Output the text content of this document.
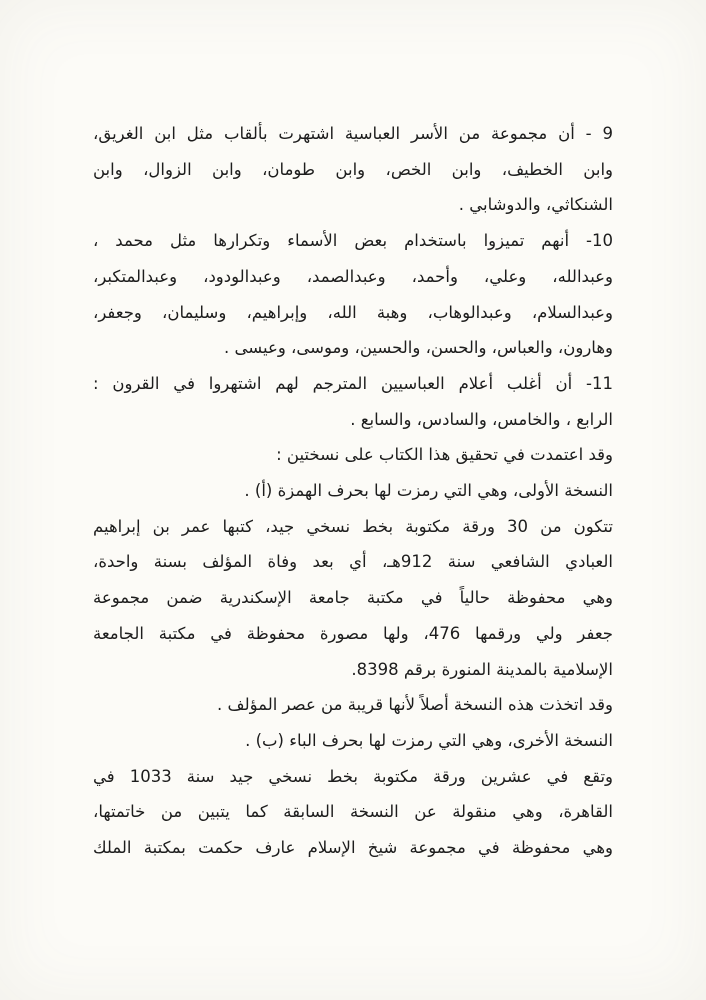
9 - أن مجموعة من الأسر العباسية اشتهرت بألقاب مثل ابن الغريق،
وابن الخطيف، وابن الخص، وابن طومان، وابن الزوال، وابن
الشنكاثي، والدوشابي .
10- أنهم تميزوا باستخدام بعض الأسماء وتكرارها مثل محمد ،
وعبدالله، وعلي، وأحمد، وعبدالصمد، وعبدالودود، وعبدالمتكبر،
وعبدالسلام، وعبدالوهاب، وهبة الله، وإبراهيم، وسليمان، وجعفر،
وهارون، والعباس، والحسن، والحسين، وموسى، وعيسى .
11- أن أغلب أعلام العباسيين المترجم لهم اشتهروا في القرون :
الرابع ، والخامس، والسادس، والسابع .
وقد اعتمدت في تحقيق هذا الكتاب على نسختين :
النسخة الأولى، وهي التي رمزت لها بحرف الهمزة (أ) .
تتكون من 30 ورقة مكتوبة بخط نسخي جيد، كتبها عمر بن إبراهيم
العبادي الشافعي سنة 912هـ، أي بعد وفاة المؤلف بسنة واحدة،
وهي محفوظة حالياً في مكتبة جامعة الإسكندرية ضمن مجموعة
جعفر ولي ورقمها 476، ولها مصورة محفوظة في مكتبة الجامعة
الإسلامية بالمدينة المنورة برقم 8398.
وقد اتخذت هذه النسخة أصلاً لأنها قريبة من عصر المؤلف .
النسخة الأخرى، وهي التي رمزت لها بحرف الباء (ب) .
وتقع في عشرين ورقة مكتوبة بخط نسخي جيد سنة 1033 في
القاهرة، وهي منقولة عن النسخة السابقة كما يتبين من خاتمتها،
وهي محفوظة في مجموعة شيخ الإسلام عارف حكمت بمكتبة الملك
